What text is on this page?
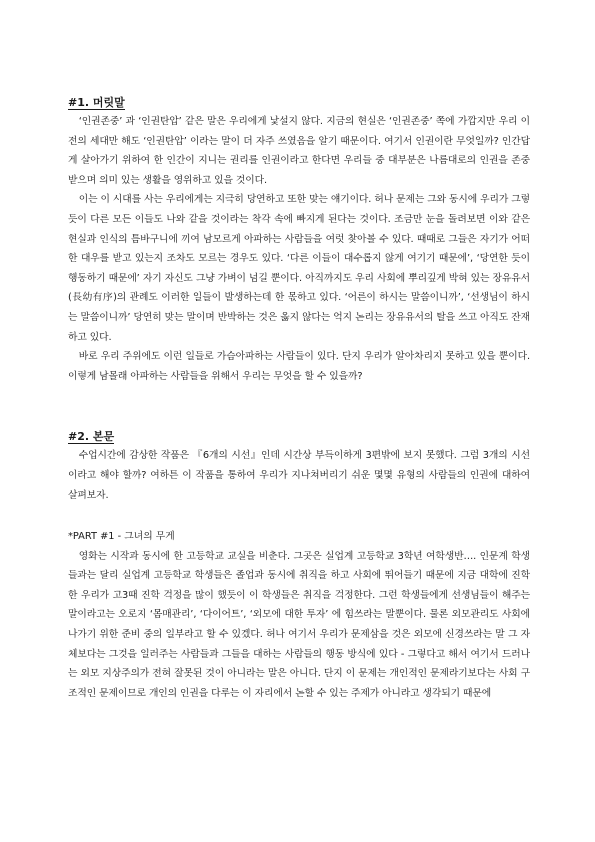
#1. 머릿말

‘인권존중’ 과 ‘인권탄압’ 같은 말은 우리에게 낯설지 않다. 지금의 현실은 ‘인권존중’ 쪽에 가깝지만 우리 이전의 세대만 해도 ‘인권탄압’ 이라는 말이 더 자주 쓰였음을 알기 때문이다. 여기서 인권이란 무엇일까? 인간답게 살아가기 위하여 한 인간이 지니는 권리를 인권이라고 한다면 우리들 중 대부분은 나름대로의 인권을 존중받으며 의미 있는 생활을 영위하고 있을 것이다.

이는 이 시대를 사는 우리에게는 지극히 당연하고 또한 맞는 얘기이다. 허나 문제는 그와 동시에 우리가 그렇듯이 다른 모든 이들도 나와 같을 것이라는 착각 속에 빠지게 된다는 것이다. 조금만 눈을 돌려보면 이와 같은 현실과 인식의 틈바구니에 끼여 남모르게 아파하는 사람들을 여럿 찾아볼 수 있다. 때때로 그들은 자기가 어떠한 대우를 받고 있는지 조차도 모르는 경우도 있다. ‘다른 이들이 대수롭지 않게 여기기 때문에’, ‘당연한 듯이 행동하기 때문에’ 자기 자신도 그냥 가벼이 넘길 뿐이다. 아직까지도 우리 사회에 뿌리깊게 박혀 있는 장유유서(長幼有序)의 관례도 이러한 일들이 발생하는데 한 몫하고 있다. ‘어른이 하시는 말씀이니까’, ‘선생님이 하시는 말씀이니까’ 당연히 맞는 말이며 반박하는 것은 옳지 않다는 억지 논리는 장유유서의 탈을 쓰고 아직도 잔재하고 있다.

바로 우리 주위에도 이런 일들로 가슴아파하는 사람들이 있다. 단지 우리가 알아차리지 못하고 있을 뿐이다. 이렇게 남몰래 아파하는 사람들을 위해서 우리는 무엇을 할 수 있을까?

#2. 본문

수업시간에 감상한 작품은 『6개의 시선』인데 시간상 부득이하게 3편밖에 보지 못했다. 그럼 3개의 시선이라고 해야 할까? 여하튼 이 작품을 통하여 우리가 지나쳐버리기 쉬운 몇몇 유형의 사람들의 인권에 대하여 살펴보자.

*PART #1 - 그녀의 무게

영화는 시작과 동시에 한 고등학교 교실을 비춘다. 그곳은 실업계 고등학교 3학년 여학생반…. 인문계 학생들과는 달리 실업계 고등학교 학생들은 졸업과 동시에 취직을 하고 사회에 뛰어들기 때문에 지금 대학에 진학한 우리가 고3때 진학 걱정을 많이 했듯이 이 학생들은 취직을 걱정한다. 그런 학생들에게 선생님들이 해주는 말이라고는 오로지 ‘몸매관리’, ‘다이어트’, ‘외모에 대한 투자’ 에 힘쓰라는 말뿐이다. 물론 외모관리도 사회에 나가기 위한 준비 중의 일부라고 할 수 있겠다. 허나 여기서 우리가 문제삼을 것은 외모에 신경쓰라는 말 그 자체보다는 그것을 일러주는 사람들과 그들을 대하는 사람들의 행동 방식에 있다 - 그렇다고 해서 여기서 드러나는 외모 지상주의가 전혀 잘못된 것이 아니라는 말은 아니다. 단지 이 문제는 개인적인 문제라기보다는 사회 구조적인 문제이므로 개인의 인권을 다루는 이 자리에서 논할 수 있는 주제가 아니라고 생각되기 때문에
